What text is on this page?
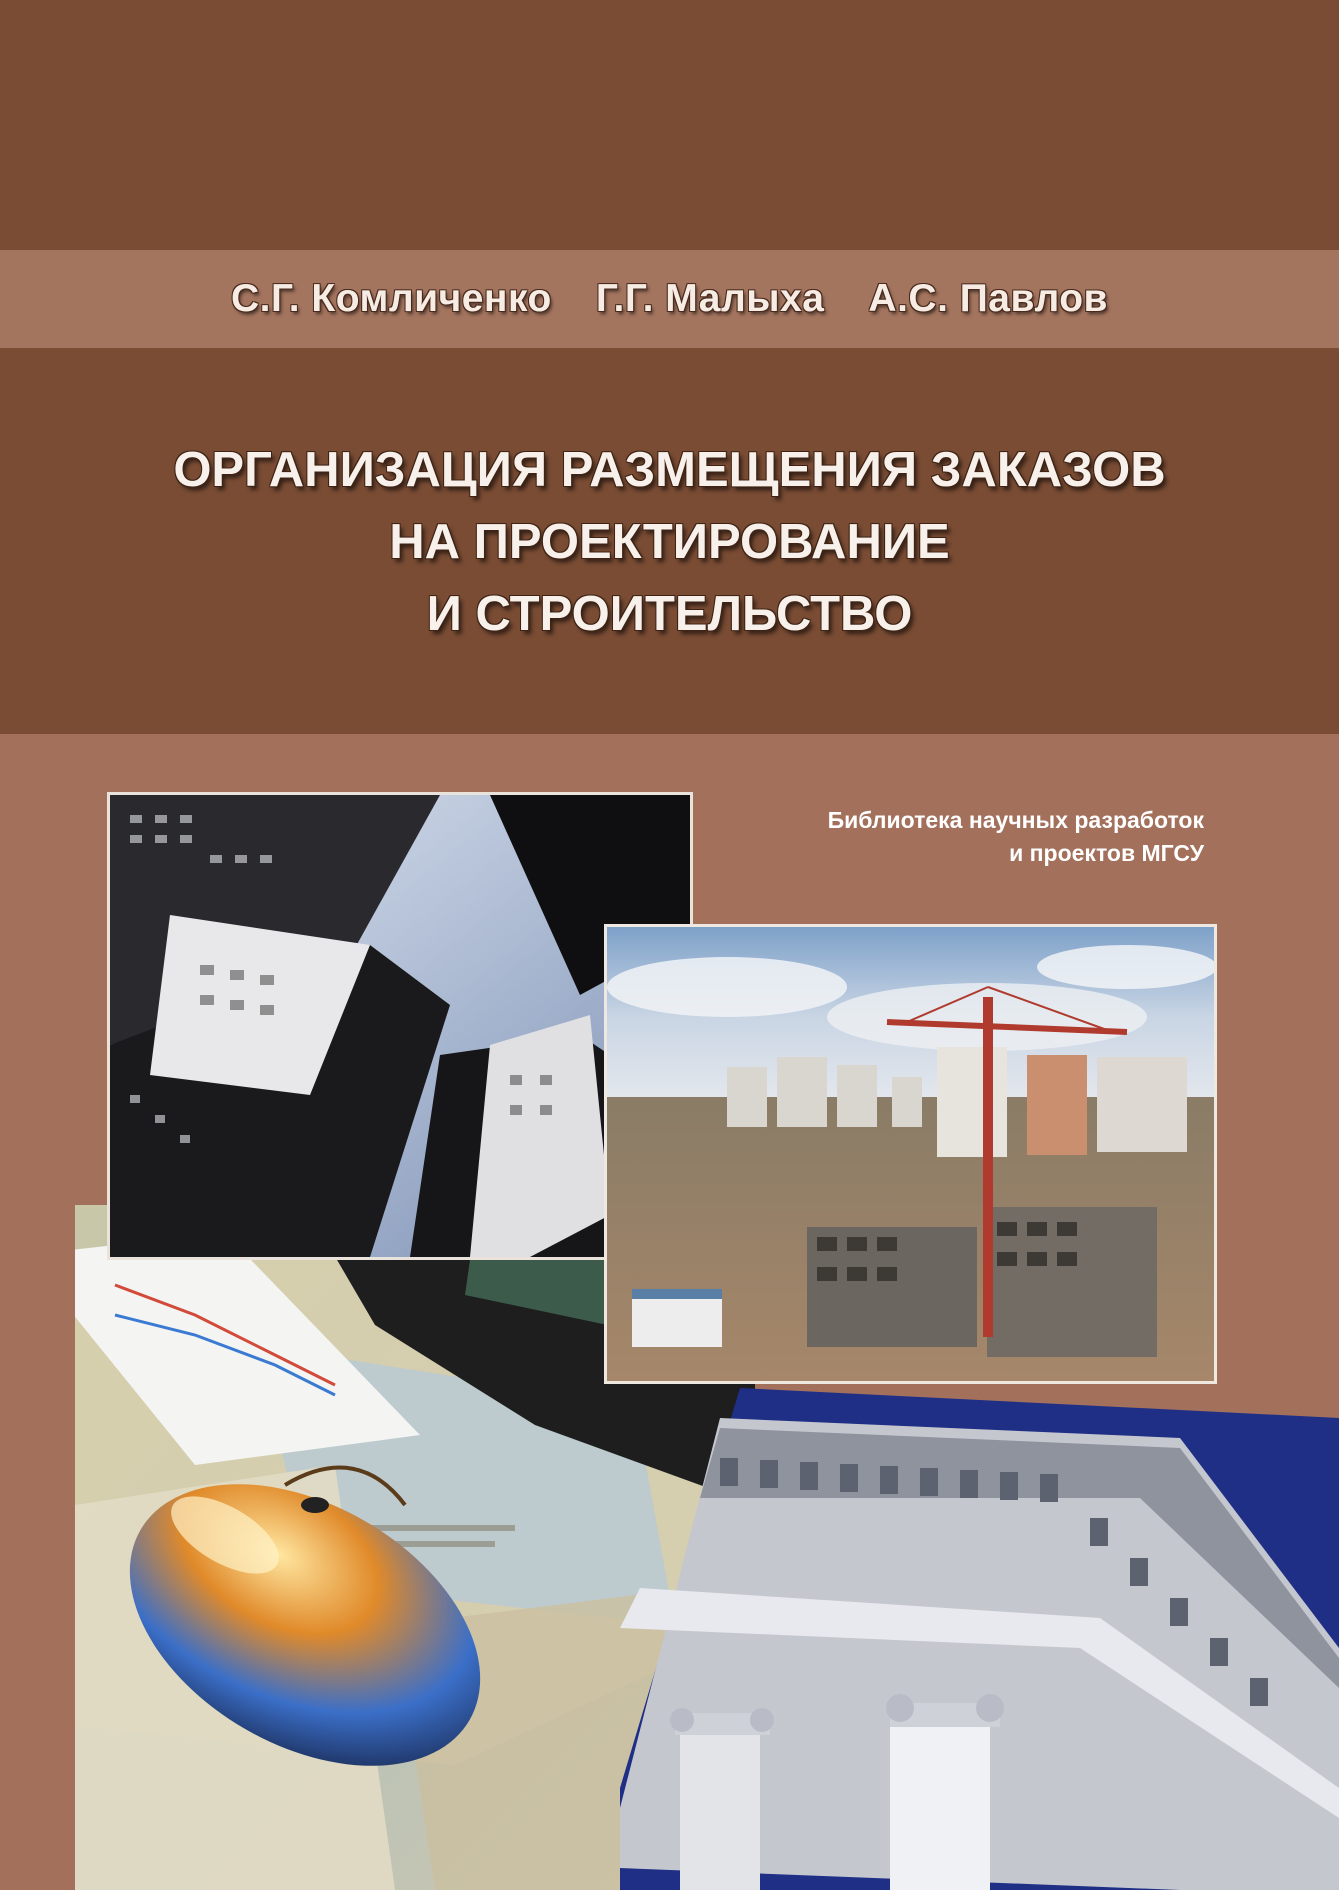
С.Г. Комличенко Г.Г. Малыха А.С. Павлов
ОРГАНИЗАЦИЯ РАЗМЕЩЕНИЯ ЗАКАЗОВ
НА ПРОЕКТИРОВАНИЕ
И СТРОИТЕЛЬСТВО
Библиотека научных разработок
и проектов МГСУ
